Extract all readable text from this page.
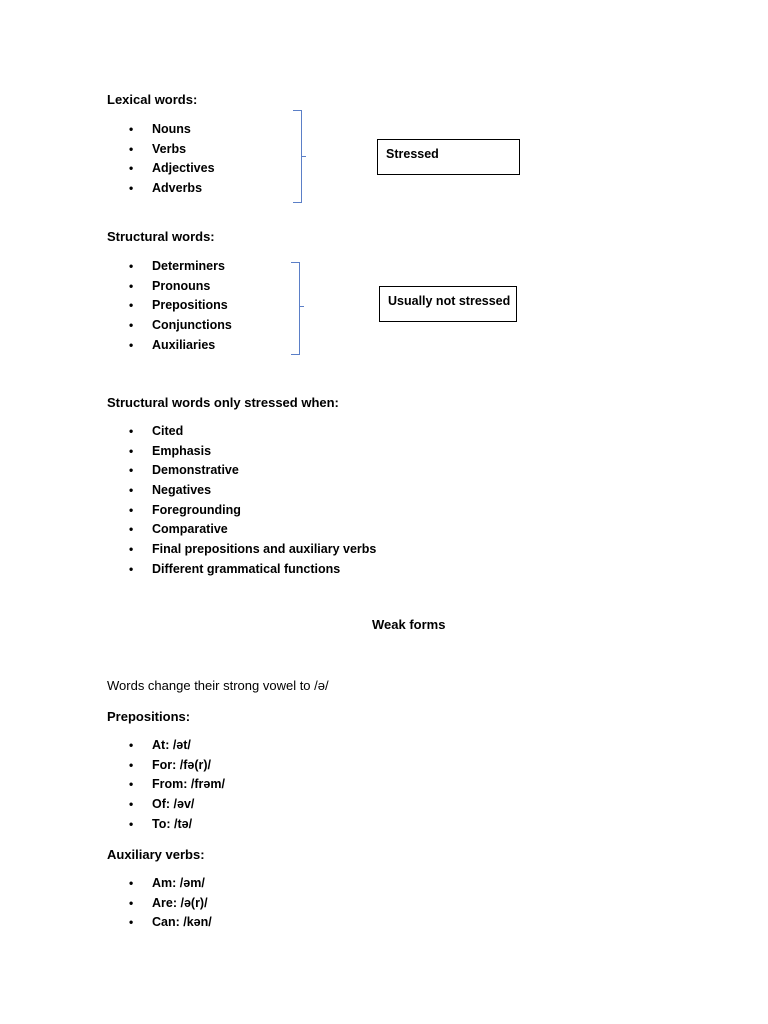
Lexical words:
• Nouns
• Verbs
• Adjectives
• Adverbs
Stressed
Structural words:
• Determiners
• Pronouns
• Prepositions
• Conjunctions
• Auxiliaries
Usually not stressed
Structural words only stressed when:
• Cited
• Emphasis
• Demonstrative
• Negatives
• Foregrounding
• Comparative
• Final prepositions and auxiliary verbs
• Different grammatical functions
Weak forms
Words change their strong vowel to /ə/
Prepositions:
• At: /ət/
• For: /fə(r)/
• From: /frəm/
• Of: /əv/
• To: /tə/
Auxiliary verbs:
• Am: /əm/
• Are: /ə(r)/
• Can: /kən/
